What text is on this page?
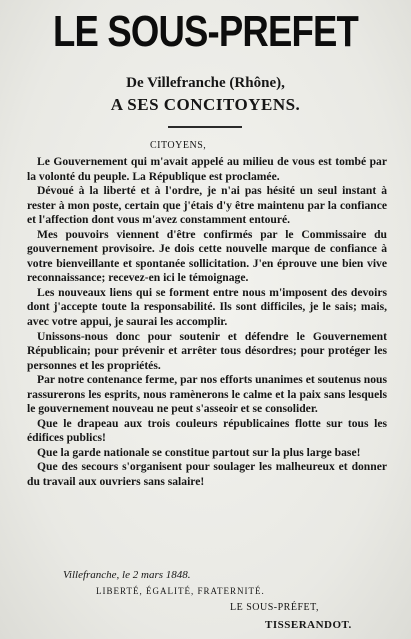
LE SOUS-PREFET
De Villefranche (Rhône),
A SES CONCITOYENS.
CITOYENS,

Le Gouvernement qui m'avait appelé au milieu de vous est tombé par la volonté du peuple. La République est proclamée.

Dévoué à la liberté et à l'ordre, je n'ai pas hésité un seul instant à rester à mon poste, certain que j'étais d'y être maintenu par la confiance et l'affection dont vous m'avez constamment entouré.

Mes pouvoirs viennent d'être confirmés par le Commissaire du gouvernement provisoire. Je dois cette nouvelle marque de confiance à votre bienveillante et spontanée sollicitation. J'en éprouve une bien vive reconnaissance; recevez-en ici le témoignage.

Les nouveaux liens qui se forment entre nous m'imposent des devoirs dont j'accepte toute la responsabilité. Ils sont difficiles, je le sais; mais, avec votre appui, je saurai les accomplir.

Unissons-nous donc pour soutenir et défendre le Gouvernement Républicain; pour prévenir et arrêter tous désordres; pour protéger les personnes et les propriétés.

Par notre contenance ferme, par nos efforts unanimes et soutenus nous rassurerons les esprits, nous ramènerons le calme et la paix sans lesquels le gouvernement nouveau ne peut s'asseoir et se consolider.

Que le drapeau aux trois couleurs républicaines flotte sur tous les édifices publics!

Que la garde nationale se constitue partout sur la plus large base!

Que des secours s'organisent pour soulager les malheureux et donner du travail aux ouvriers sans salaire!

Villefranche, le 2 mars 1848.
LIBERTÉ, ÉGALITÉ, FRATERNITÉ.
LE SOUS-PRÉFET,
TISSERANDOT.
